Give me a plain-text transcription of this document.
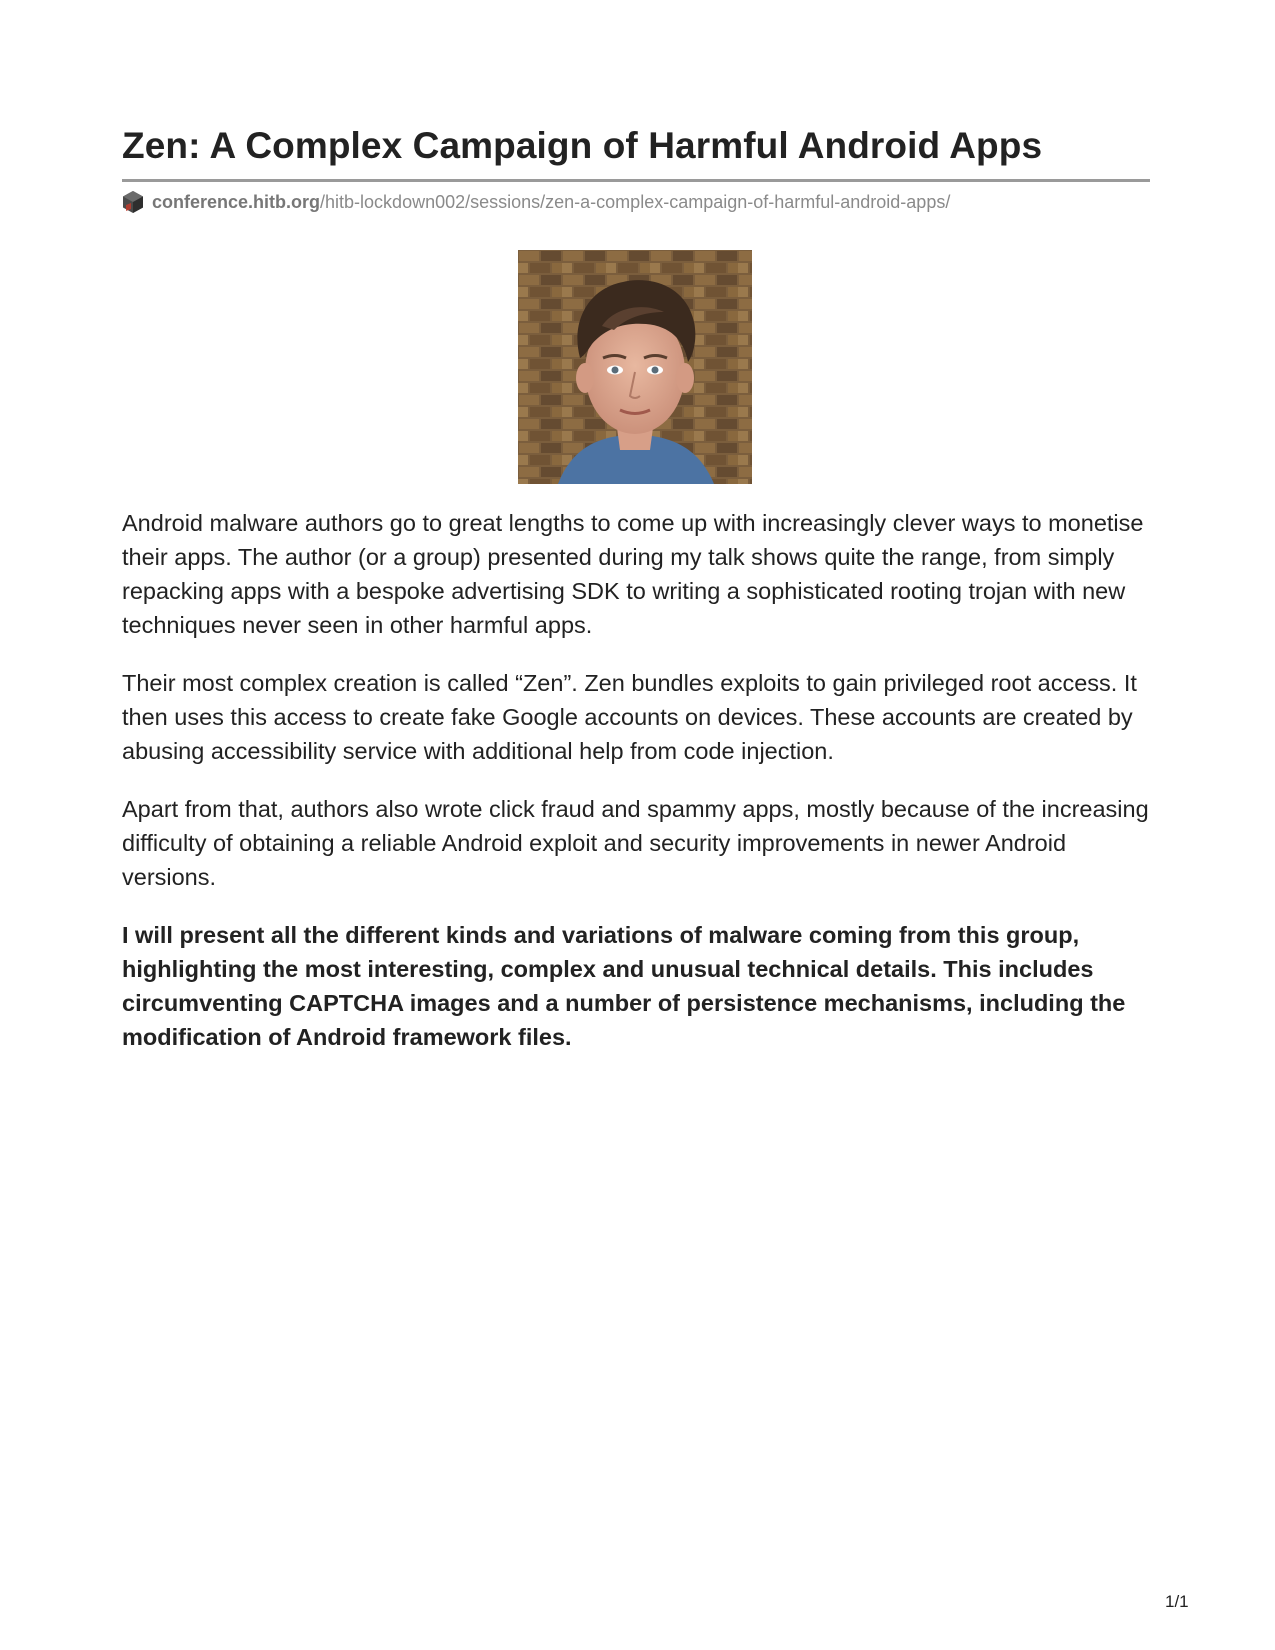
Zen: A Complex Campaign of Harmful Android Apps
conference.hitb.org /hitb-lockdown002/sessions/zen-a-complex-campaign-of-harmful-android-apps/

Android malware authors go to great lengths to come up with increasingly clever ways to monetise their apps. The author (or a group) presented during my talk shows quite the range, from simply repacking apps with a bespoke advertising SDK to writing a sophisticated rooting trojan with new techniques never seen in other harmful apps.

Their most complex creation is called “Zen”. Zen bundles exploits to gain privileged root access. It then uses this access to create fake Google accounts on devices. These accounts are created by abusing accessibility service with additional help from code injection.

Apart from that, authors also wrote click fraud and spammy apps, mostly because of the increasing difficulty of obtaining a reliable Android exploit and security improvements in newer Android versions.

I will present all the different kinds and variations of malware coming from this group, highlighting the most interesting, complex and unusual technical details. This includes circumventing CAPTCHA images and a number of persistence mechanisms, including the modification of Android framework files.

1/1
